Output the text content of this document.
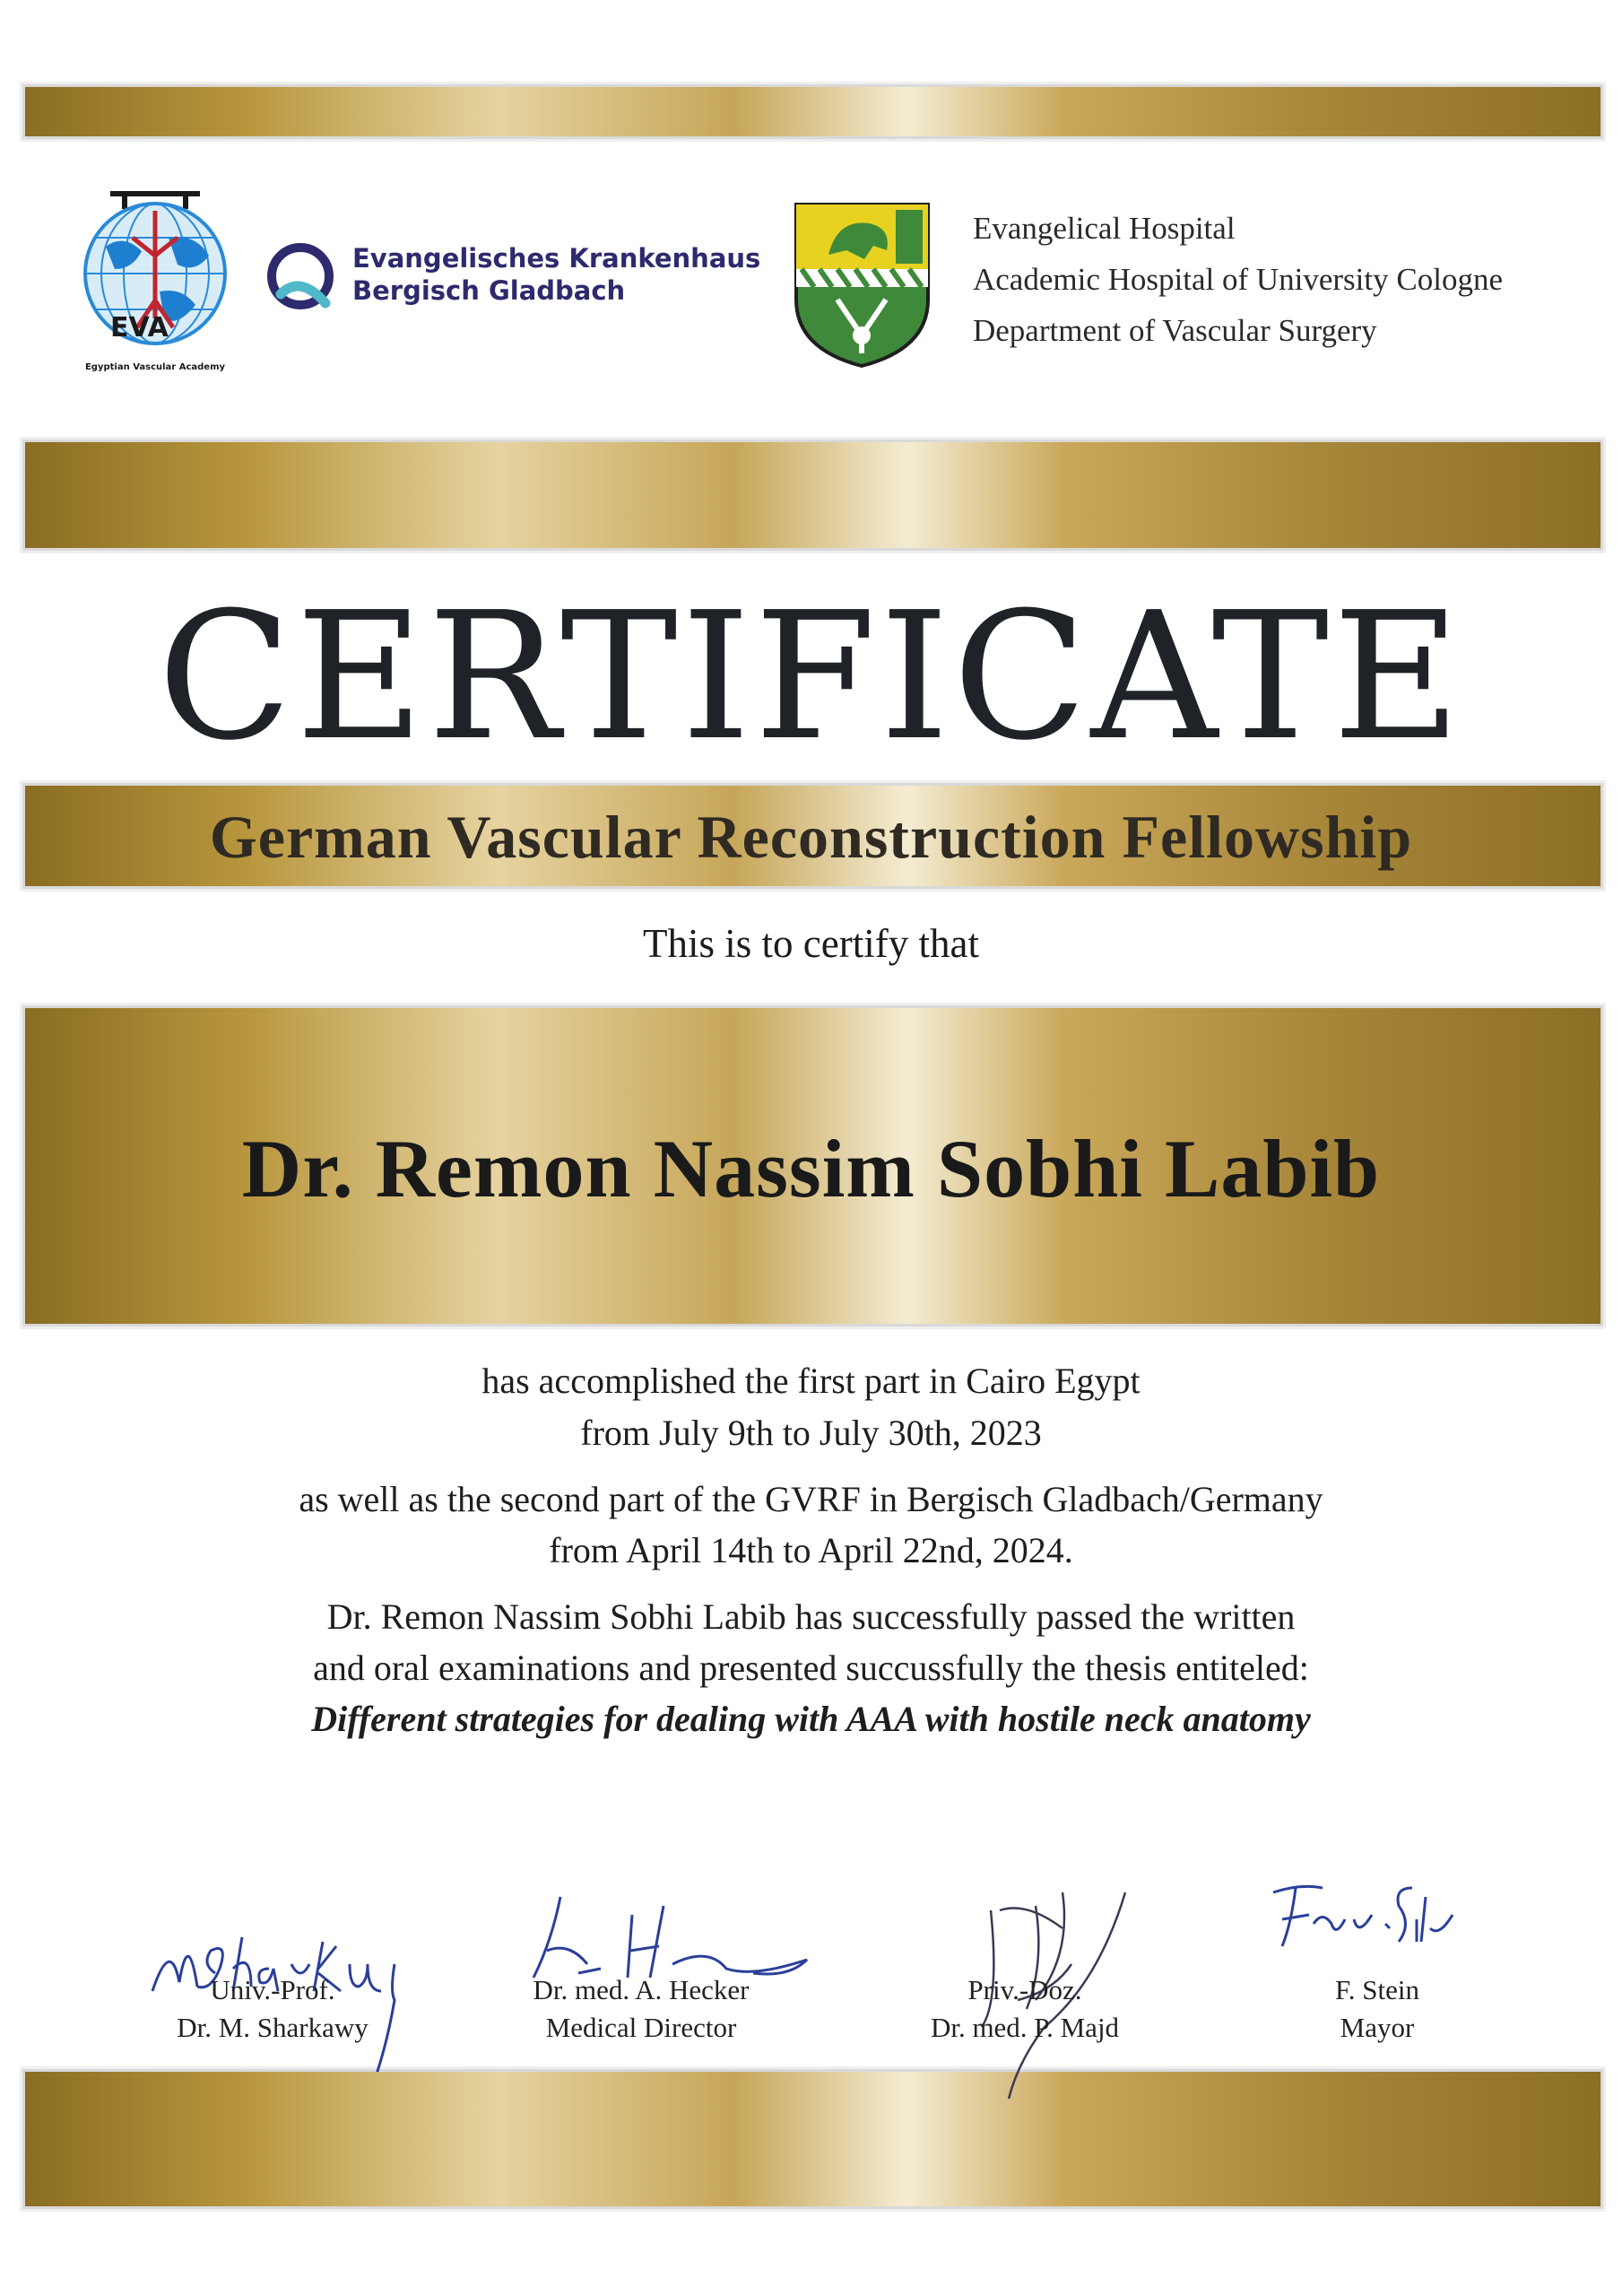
EVA
Egyptian Vascular Academy
Evangelisches Krankenhaus
Bergisch Gladbach
Evangelical Hospital
Academic Hospital of University Cologne
Department of Vascular Surgery
CERTIFICATE
German Vascular Reconstruction Fellowship
This is to certify that
Dr. Remon Nassim Sobhi Labib
has accomplished the first part in Cairo Egypt
from July 9th to July 30th, 2023
as well as the second part of the GVRF in Bergisch Gladbach/Germany
from April 14th to April 22nd, 2024.
Dr. Remon Nassim Sobhi Labib has successfully passed the written
and oral examinations and presented succussfully the thesis entiteled:
Different strategies for dealing with AAA with hostile neck anatomy
Univ.-Prof.
Dr. M. Sharkawy
Dr. med. A. Hecker
Medical Director
Priv.-Doz.
Dr. med. P. Majd
F. Stein
Mayor
